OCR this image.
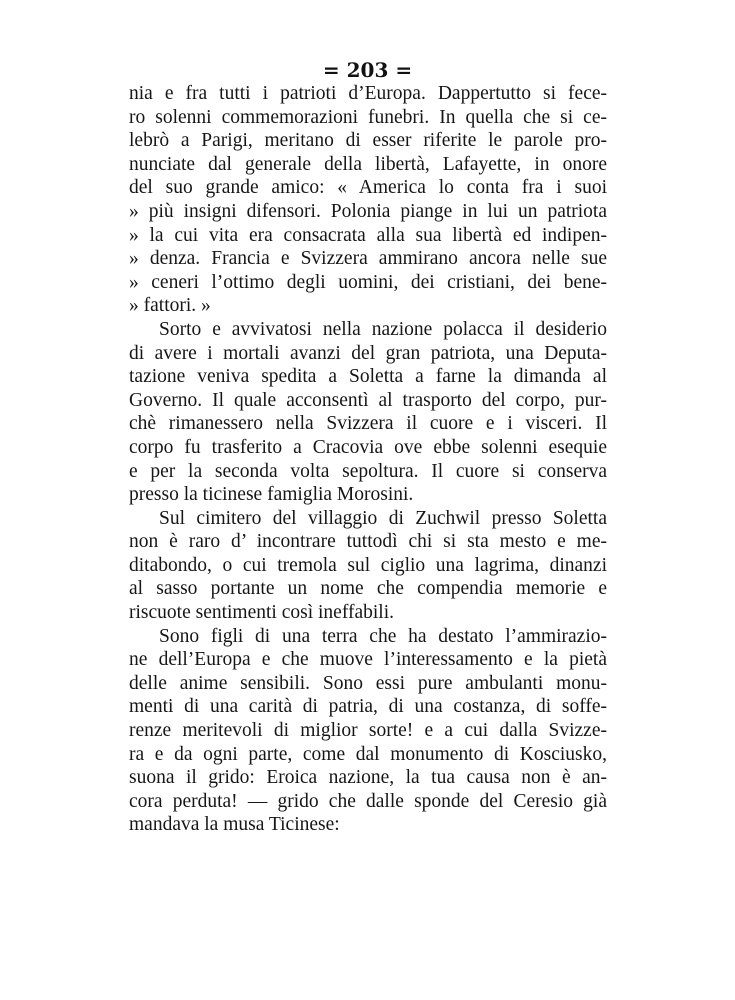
= 203 =
nia e fra tutti i patrioti d’Europa. Dappertutto si fece-
ro solenni commemorazioni funebri. In quella che si ce-
lebrò a Parigi, meritano di esser riferite le parole pro-
nunciate dal generale della libertà, Lafayette, in onore
del suo grande amico: « America lo conta fra i suoi
» più insigni difensori. Polonia piange in lui un patriota
» la cui vita era consacrata alla sua libertà ed indipen-
» denza. Francia e Svizzera ammirano ancora nelle sue
» ceneri l’ottimo degli uomini, dei cristiani, dei bene-
» fattori. »
Sorto e avvivatosi nella nazione polacca il desiderio
di avere i mortali avanzi del gran patriota, una Deputa-
tazione veniva spedita a Soletta a farne la dimanda al
Governo. Il quale acconsentì al trasporto del corpo, pur-
chè rimanessero nella Svizzera il cuore e i visceri. Il
corpo fu trasferito a Cracovia ove ebbe solenni esequie
e per la seconda volta sepoltura. Il cuore si conserva
presso la ticinese famiglia Morosini.
Sul cimitero del villaggio di Zuchwil presso Soletta
non è raro d’ incontrare tuttodì chi si sta mesto e me-
ditabondo, o cui tremola sul ciglio una lagrima, dinanzi
al sasso portante un nome che compendia memorie e
riscuote sentimenti così ineffabili.
Sono figli di una terra che ha destato l’ammirazio-
ne dell’Europa e che muove l’interessamento e la pietà
delle anime sensibili. Sono essi pure ambulanti monu-
menti di una carità di patria, di una costanza, di soffe-
renze meritevoli di miglior sorte! e a cui dalla Svizze-
ra e da ogni parte, come dal monumento di Kosciusko,
suona il grido: Eroica nazione, la tua causa non è an-
cora perduta! — grido che dalle sponde del Ceresio già
mandava la musa Ticinese:
